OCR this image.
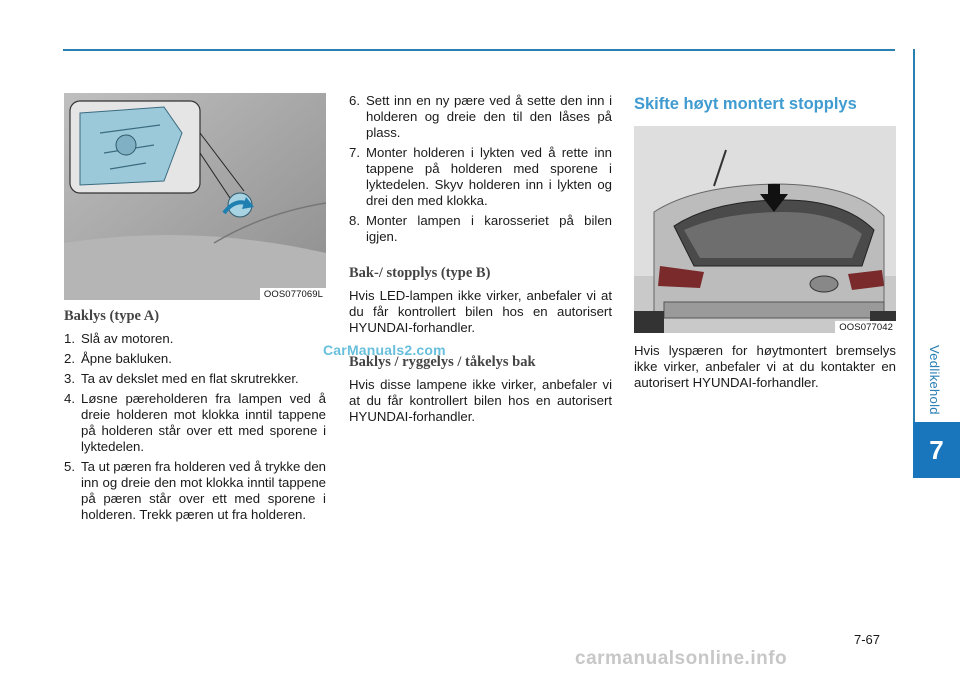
Vedlikehold
7
OOS077069L
Baklys (type A)
1. Slå av motoren.
2. Åpne bakluken.
3. Ta av dekslet med en flat skrutrekker.
4. Løsne pæreholderen fra lampen ved å dreie holderen mot klokka inntil tappene på holderen står over ett med sporene i lyktedelen.
5. Ta ut pæren fra holderen ved å trykke den inn og dreie den mot klokka inntil tappene på pæren står over ett med sporene i holderen. Trekk pæren ut fra holderen.
6. Sett inn en ny pære ved å sette den inn i holderen og dreie den til den låses på plass.
7. Monter holderen i lykten ved å rette inn tappene på holderen med sporene i lyktedelen. Skyv holderen inn i lykten og drei den med klokka.
8. Monter lampen i karosseriet på bilen igjen.
Bak-/ stopplys (type B)

Hvis LED-lampen ikke virker, anbefaler vi at du får kontrollert bilen hos en autorisert HYUNDAI-forhandler.

Baklys / ryggelys / tåkelys bak

Hvis disse lampene ikke virker, anbefaler vi at du får kontrollert bilen hos en autorisert HYUNDAI-forhandler.

Skifte høyt montert stopplys
OOS077042

Hvis lyspæren for høytmontert bremselys ikke virker, anbefaler vi at du kontakter en autorisert HYUNDAI-forhandler.

CarManuals2.com
7-67
carmanualsonline.info
